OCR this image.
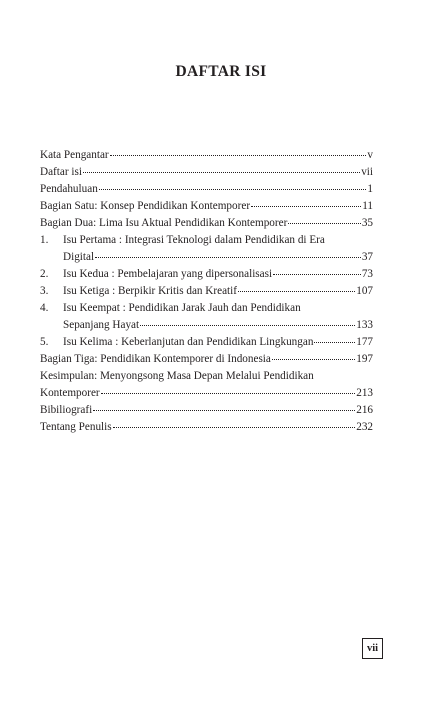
DAFTAR ISI
Kata Pengantar	v
Daftar isi	vii
Pendahuluan	1
Bagian Satu: Konsep Pendidikan Kontemporer	11
Bagian Dua: Lima Isu Aktual Pendidikan Kontemporer	35
1.	Isu Pertama : Integrasi Teknologi dalam Pendidikan di Era
Digital	37
2.	Isu Kedua : Pembelajaran yang dipersonalisasi	73
3.	Isu Ketiga : Berpikir Kritis dan Kreatif	107
4.	Isu Keempat : Pendidikan Jarak Jauh dan Pendidikan
Sepanjang Hayat	133
5.	Isu Kelima : Keberlanjutan dan Pendidikan Lingkungan	177
Bagian Tiga: Pendidikan Kontemporer di Indonesia	197
Kesimpulan: Menyongsong Masa Depan Melalui Pendidikan
Kontemporer	213
Bibiliografi	216
Tentang Penulis	232
vii
